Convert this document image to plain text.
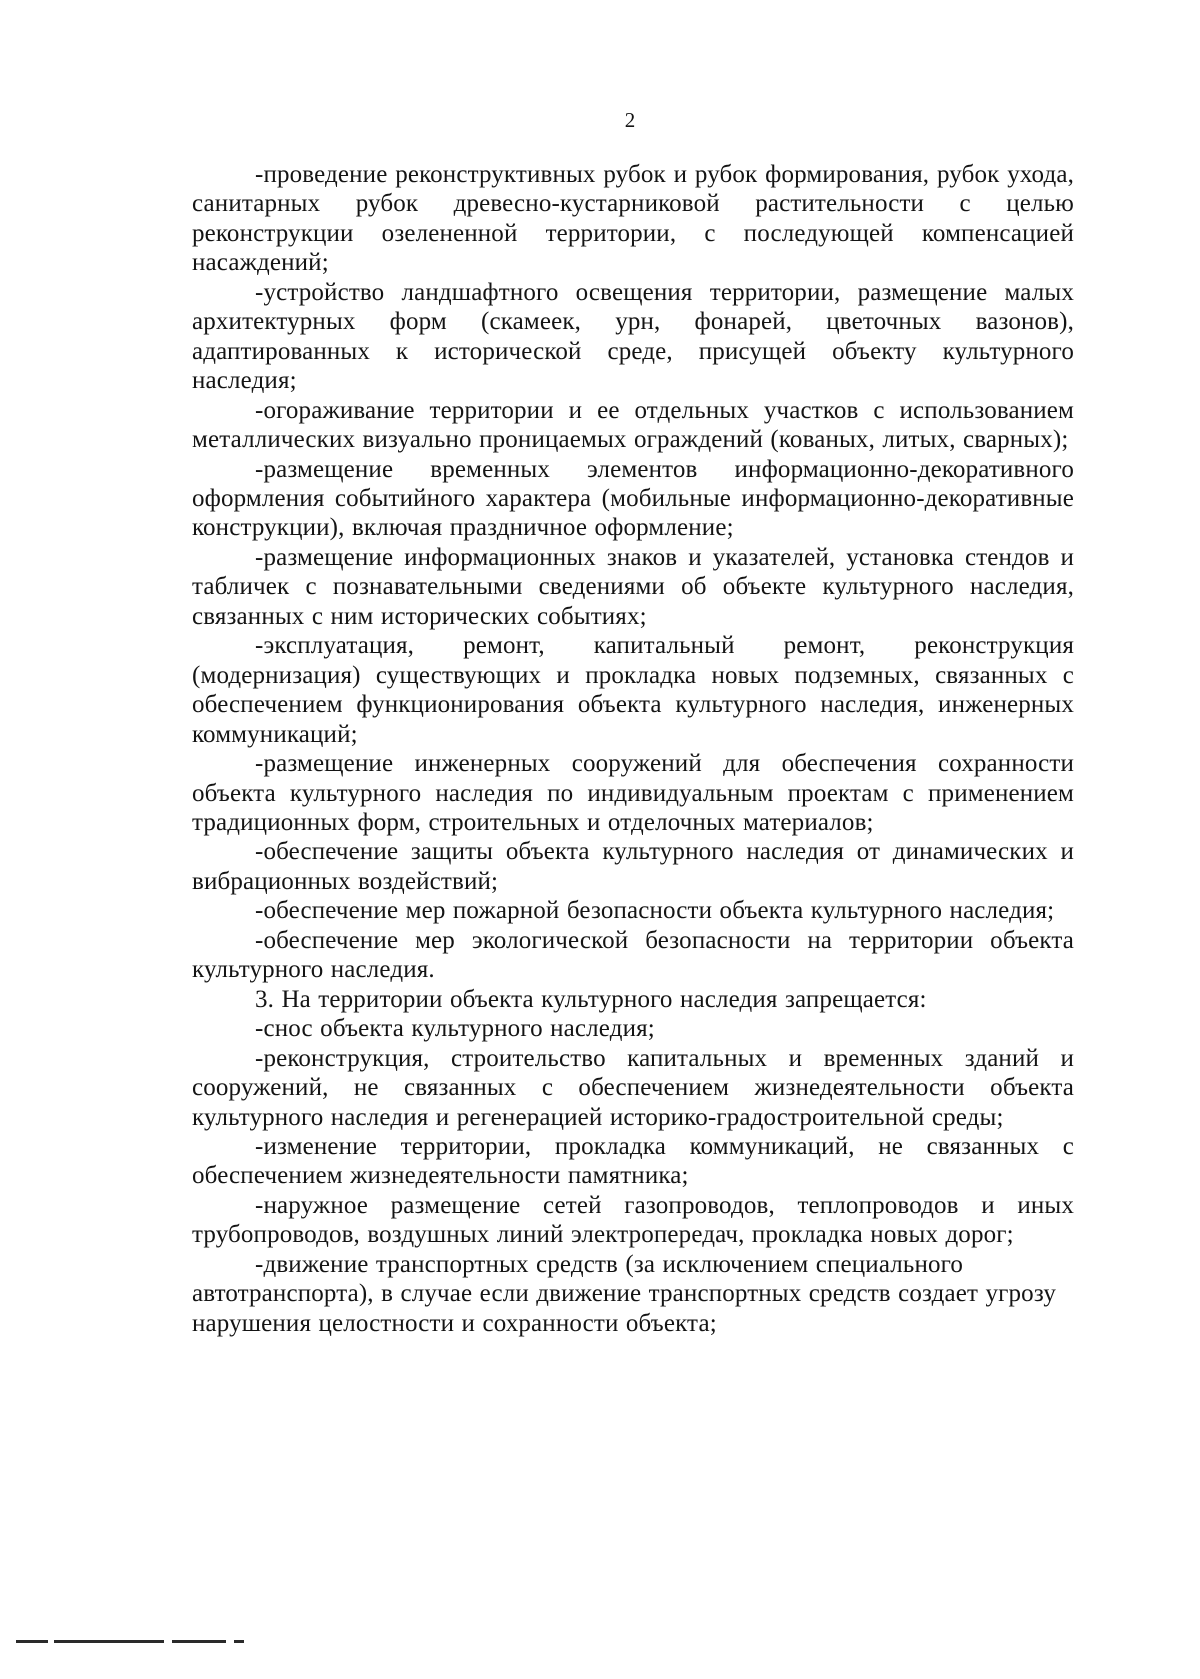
2

-проведение реконструктивных рубок и рубок формирования, рубок ухода, санитарных рубок древесно-кустарниковой растительности с целью реконструкции озелененной территории, с последующей компенсацией насаждений;

-устройство ландшафтного освещения территории, размещение малых архитектурных форм (скамеек, урн, фонарей, цветочных вазонов), адаптированных к исторической среде, присущей объекту культурного наследия;

-огораживание территории и ее отдельных участков с использованием металлических визуально проницаемых ограждений (кованых, литых, сварных);

-размещение временных элементов информационно-декоративного оформления событийного характера (мобильные информационно-декоративные конструкции), включая праздничное оформление;

-размещение информационных знаков и указателей, установка стендов и табличек с познавательными сведениями об объекте культурного наследия, связанных с ним исторических событиях;

-эксплуатация, ремонт, капитальный ремонт, реконструкция (модернизация) существующих и прокладка новых подземных, связанных с обеспечением функционирования объекта культурного наследия, инженерных коммуникаций;

-размещение инженерных сооружений для обеспечения сохранности объекта культурного наследия по индивидуальным проектам с применением традиционных форм, строительных и отделочных материалов;

-обеспечение защиты объекта культурного наследия от динамических и вибрационных воздействий;

-обеспечение мер пожарной безопасности объекта культурного наследия;

-обеспечение мер экологической безопасности на территории объекта культурного наследия.

3. На территории объекта культурного наследия запрещается:

-снос объекта культурного наследия;

-реконструкция, строительство капитальных и временных зданий и сооружений, не связанных с обеспечением жизнедеятельности объекта культурного наследия и регенерацией историко-градостроительной среды;

-изменение территории, прокладка коммуникаций, не связанных с обеспечением жизнедеятельности памятника;

-наружное размещение сетей газопроводов, теплопроводов и иных трубопроводов, воздушных линий электропередач, прокладка новых дорог;

-движение транспортных средств (за исключением специального автотранспорта), в случае если движение транспортных средств создает угрозу нарушения целостности и сохранности объекта;
